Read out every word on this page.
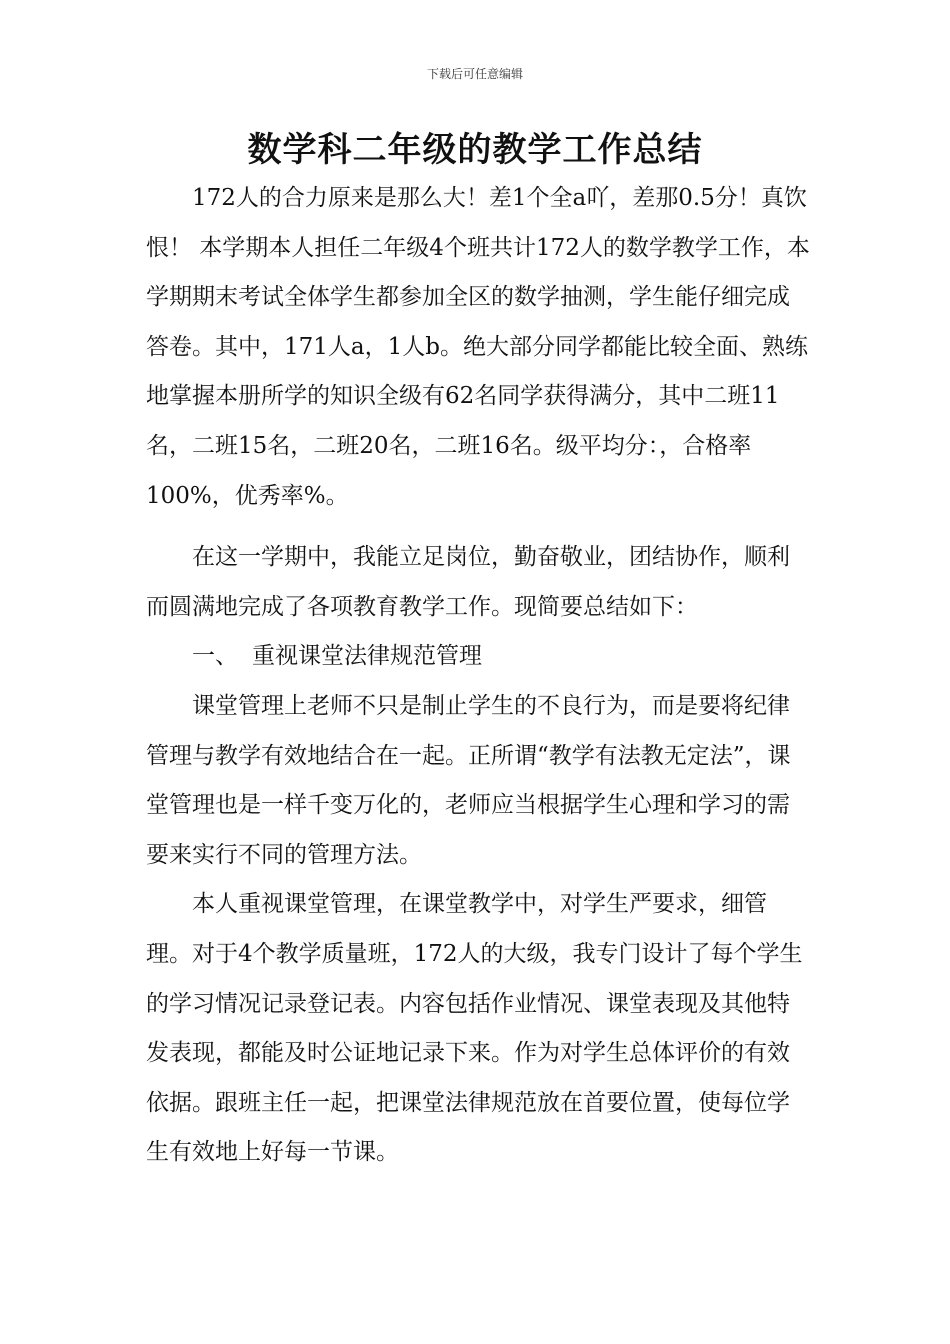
下载后可任意编辑
数学科二年级的教学工作总结

172人的合力原来是那么大！差1个全a吖，差那0.5分！真饮恨！ 本学期本人担任二年级4个班共计172人的数学教学工作，本学期期末考试全体学生都参加全区的数学抽测，学生能仔细完成答卷。其中，171人a，1人b。绝大部分同学都能比较全面、熟练地掌握本册所学的知识全级有62名同学获得满分，其中二班11名，二班15名，二班20名，二班16名。级平均分：，合格率100%，优秀率%。

在这一学期中，我能立足岗位，勤奋敬业，团结协作，顺利而圆满地完成了各项教育教学工作。现简要总结如下：

一、 重视课堂法律规范管理

课堂管理上老师不只是制止学生的不良行为，而是要将纪律管理与教学有效地结合在一起。正所谓“教学有法教无定法”，课堂管理也是一样千变万化的，老师应当根据学生心理和学习的需要来实行不同的管理方法。

本人重视课堂管理，在课堂教学中，对学生严要求，细管理。对于4个教学质量班，172人的大级，我专门设计了每个学生的学习情况记录登记表。内容包括作业情况、课堂表现及其他特发表现，都能及时公证地记录下来。作为对学生总体评价的有效依据。跟班主任一起，把课堂法律规范放在首要位置，使每位学生有效地上好每一节课。
